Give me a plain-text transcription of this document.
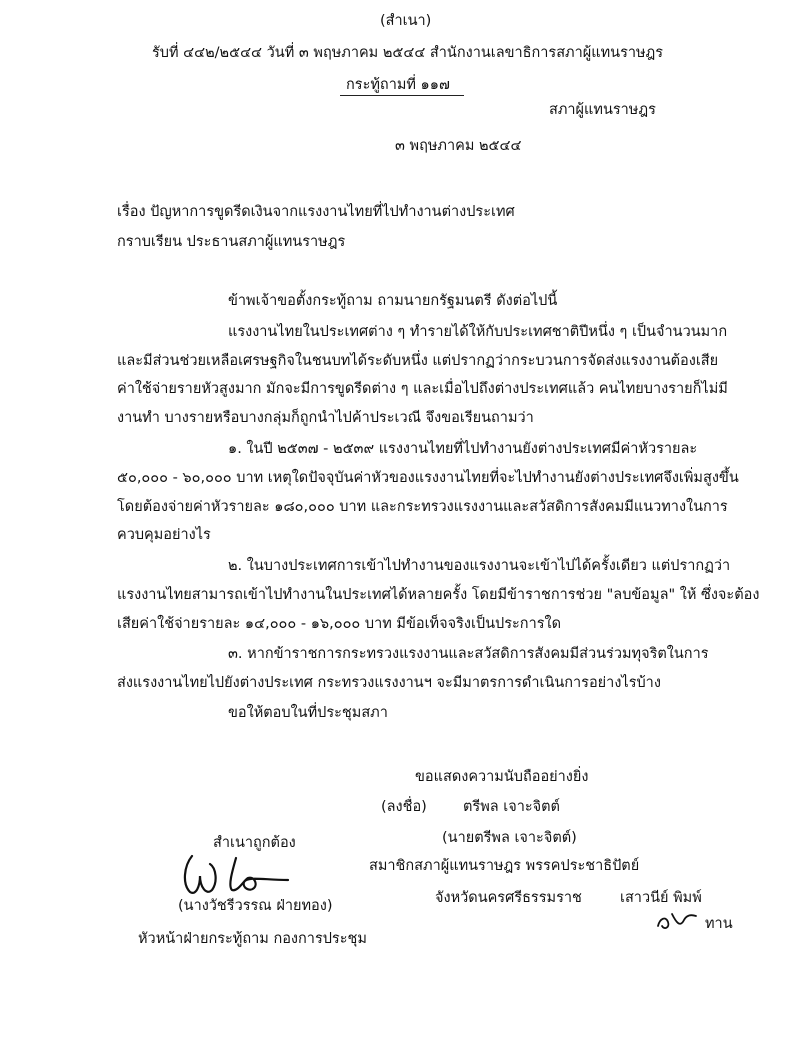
(สำเนา)
รับที่ ๔๔๒/๒๕๔๔ วันที่ ๓ พฤษภาคม ๒๕๔๔ สำนักงานเลขาธิการสภาผู้แทนราษฎร
กระทู้ถามที่ ๑๑๗
สภาผู้แทนราษฎร
๓ พฤษภาคม ๒๕๔๔
เรื่อง ปัญหาการขูดรีดเงินจากแรงงานไทยที่ไปทำงานต่างประเทศ
กราบเรียน ประธานสภาผู้แทนราษฎร
ข้าพเจ้าขอตั้งกระทู้ถาม ถามนายกรัฐมนตรี ดังต่อไปนี้
แรงงานไทยในประเทศต่าง ๆ ทำรายได้ให้กับประเทศชาติปีหนึ่ง ๆ เป็นจำนวนมาก
และมีส่วนช่วยเหลือเศรษฐกิจในชนบทได้ระดับหนึ่ง แต่ปรากฏว่ากระบวนการจัดส่งแรงงานต้องเสีย
ค่าใช้จ่ายรายหัวสูงมาก มักจะมีการขูดรีดต่าง ๆ และเมื่อไปถึงต่างประเทศแล้ว คนไทยบางรายก็ไม่มี
งานทำ บางรายหรือบางกลุ่มก็ถูกนำไปค้าประเวณี จึงขอเรียนถามว่า
๑. ในปี ๒๕๓๗ - ๒๕๓๙ แรงงานไทยที่ไปทำงานยังต่างประเทศมีค่าหัวรายละ
๕๐,๐๐๐ - ๖๐,๐๐๐ บาท เหตุใดปัจจุบันค่าหัวของแรงงานไทยที่จะไปทำงานยังต่างประเทศจึงเพิ่มสูงขึ้น
โดยต้องจ่ายค่าหัวรายละ ๑๘๐,๐๐๐ บาท และกระทรวงแรงงานและสวัสดิการสังคมมีแนวทางในการ
ควบคุมอย่างไร
๒. ในบางประเทศการเข้าไปทำงานของแรงงานจะเข้าไปได้ครั้งเดียว แต่ปรากฏว่า
แรงงานไทยสามารถเข้าไปทำงานในประเทศได้หลายครั้ง โดยมีข้าราชการช่วย "ลบข้อมูล" ให้ ซึ่งจะต้อง
เสียค่าใช้จ่ายรายละ ๑๔,๐๐๐ - ๑๖,๐๐๐ บาท มีข้อเท็จจริงเป็นประการใด
๓. หากข้าราชการกระทรวงแรงงานและสวัสดิการสังคมมีส่วนร่วมทุจริตในการ
ส่งแรงงานไทยไปยังต่างประเทศ กระทรวงแรงงานฯ จะมีมาตรการดำเนินการอย่างไรบ้าง
ขอให้ตอบในที่ประชุมสภา
ขอแสดงความนับถืออย่างยิ่ง
(ลงชื่อ) ตรีพล เจาะจิตต์
(นายตรีพล เจาะจิตต์)
สมาชิกสภาผู้แทนราษฎร พรรคประชาธิปัตย์
จังหวัดนครศรีธรรมราช
สำเนาถูกต้อง
(นางวัชรีวรรณ ฝ่ายทอง)
หัวหน้าฝ่ายกระทู้ถาม กองการประชุม
เสาวนีย์ พิมพ์
ทาน
